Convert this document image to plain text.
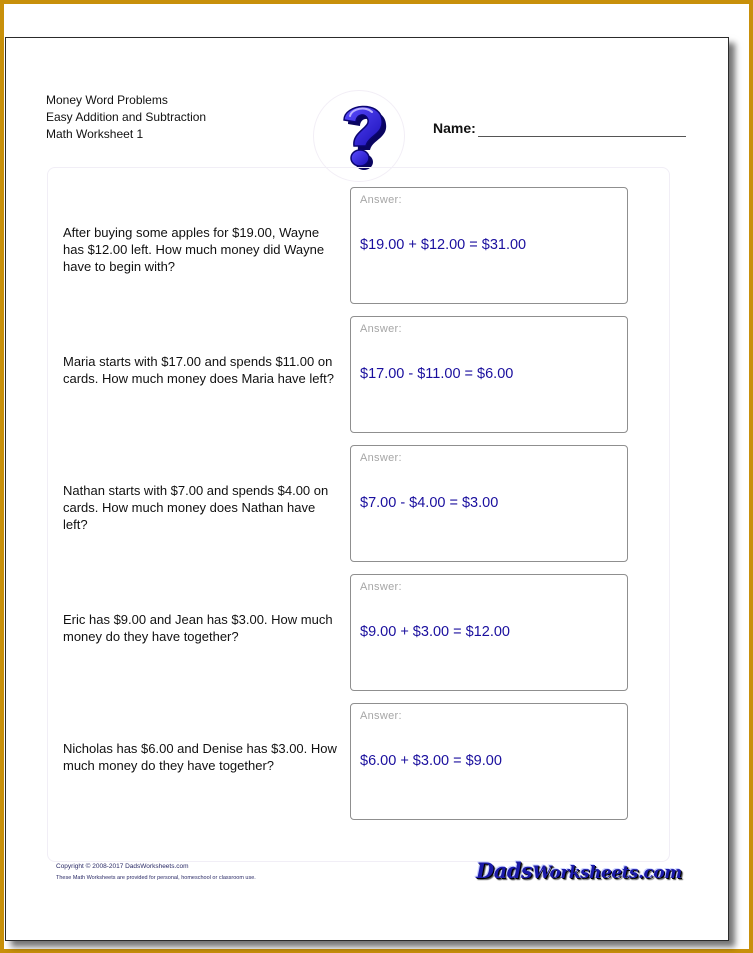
Money Word Problems
Easy Addition and Subtraction
Math Worksheet 1	Name:
After buying some apples for $19.00, Wayne has $12.00 left. How much money did Wayne have to begin with?
Answer:
$19.00 + $12.00 = $31.00
Maria starts with $17.00 and spends $11.00 on cards. How much money does Maria have left?
Answer:
$17.00 - $11.00 = $6.00
Nathan starts with $7.00 and spends $4.00 on cards. How much money does Nathan have left?
Answer:
$7.00 - $4.00 = $3.00
Eric has $9.00 and Jean has $3.00. How much money do they have together?
Answer:
$9.00 + $3.00 = $12.00
Nicholas has $6.00 and Denise has $3.00. How much money do they have together?
Answer:
$6.00 + $3.00 = $9.00
Copyright © 2008-2017 DadsWorksheets.com
These Math Worksheets are provided for personal, homeschool or classroom use.	DadsWorksheets.com
